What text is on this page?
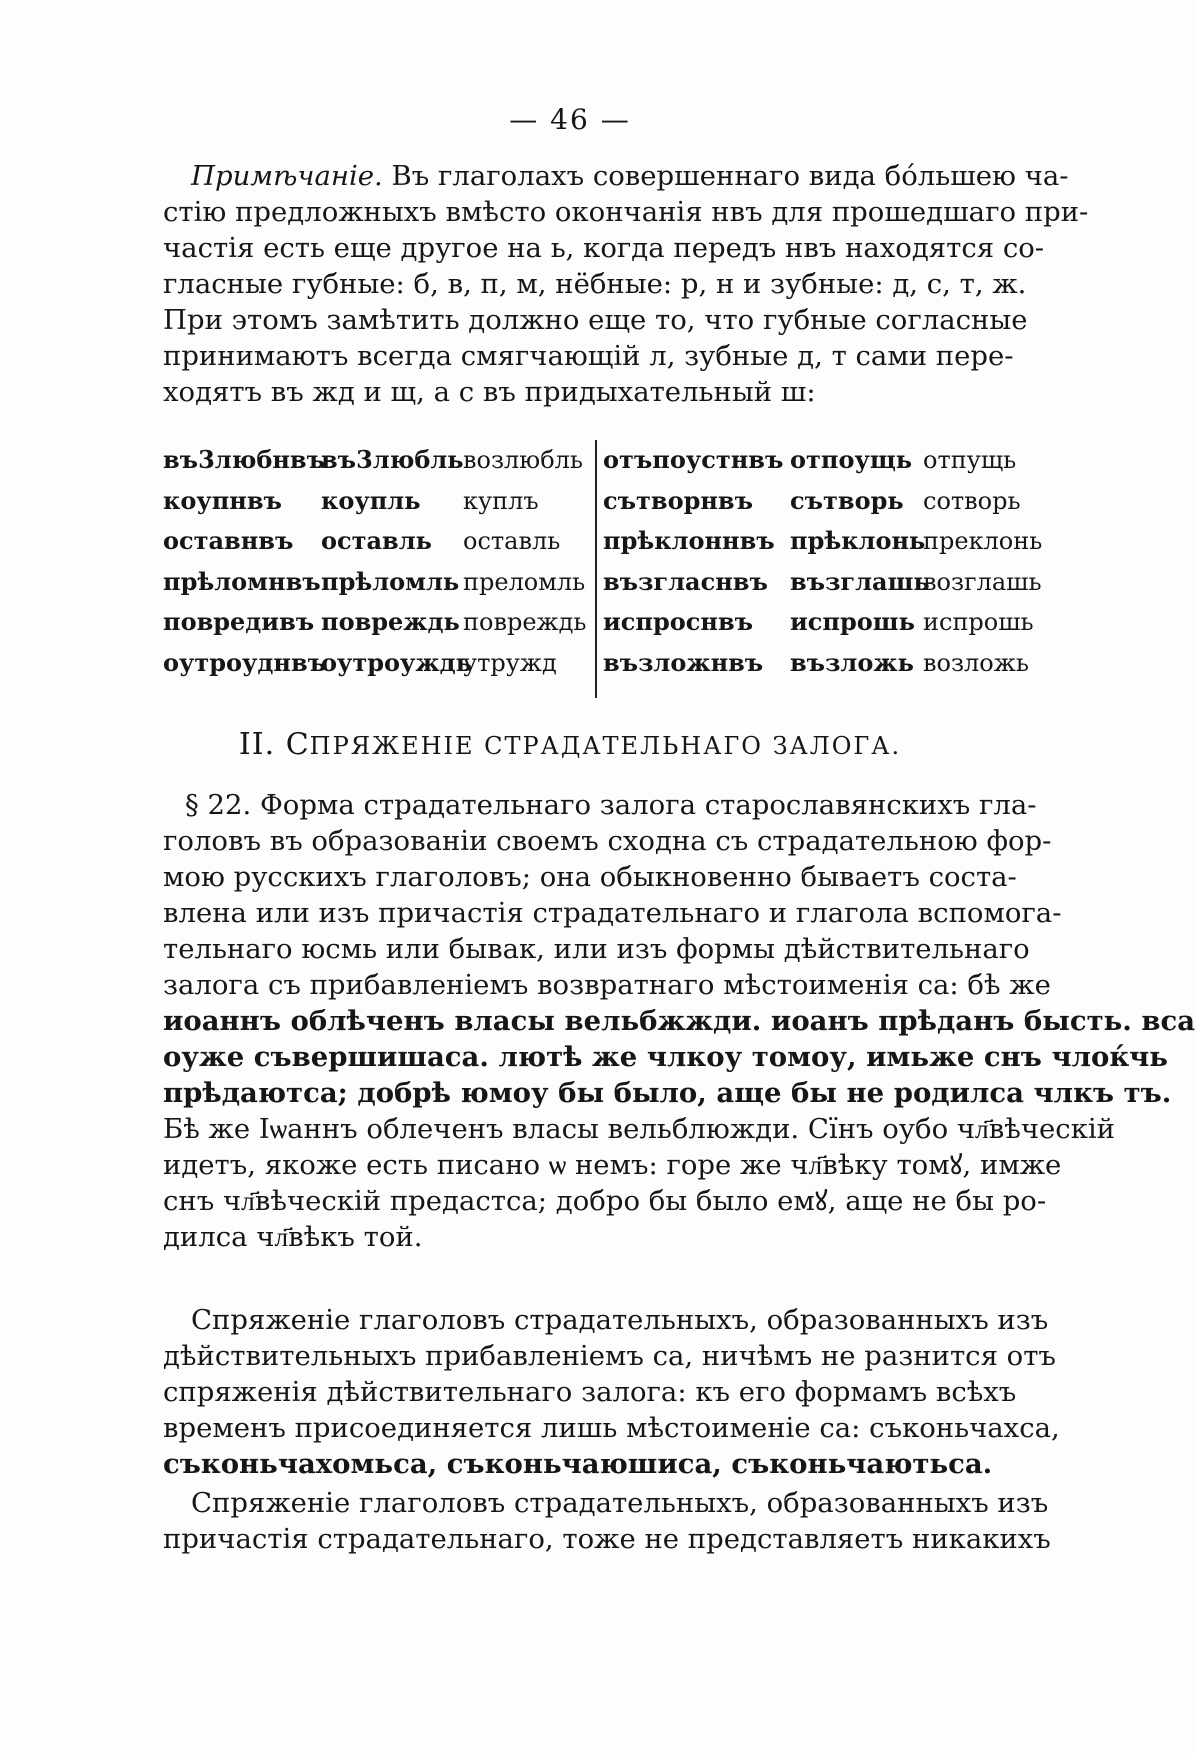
— 46 —
Примѣчаніе. Въ глаголахъ совершеннаго вида бóльшею ча-
стію предложныхъ вмѣсто окончанія нвъ для прошедшаго при-
частія есть еще другое на ь, когда передъ нвъ находятся со-
гласные губные: б, в, п, м, нёбные: р, н и зубные: д, с, т, ж.
При этомъ замѣтить должно еще то, что губные согласные
принимаютъ всегда смягчающій л, зубные д, т сами пере-
ходятъ въ жд и щ, а с въ придыхательный ш:
въ3любнвъ
коупнвъ
оставнвъ
прѣломнвъ
повредивъ
оутроуднвъ
въ3любль
коупль
оставль
прѣломль
повреждь
оутроуждь
возлюбль
куплъ
оставль
преломль
повреждь
утружд
отъпоустнвъ
сътворнвъ
прѣклоннвъ
възгласнвъ
испроснвъ
възложнвъ
отпоущь
сътворь
прѣклонь
възглашь
испрошь
възложь
отпущь
сотворь
преклонь
возглашь
испрошь
возложь
II. СПРЯЖЕНІЕ СТРАДАТЕЛЬНАГО ЗАЛОГА.
§ 22. Форма страдательнаго залога старославянскихъ гла-
головъ въ образованіи своемъ сходна съ страдательною фор-
мою русскихъ глаголовъ; она обыкновенно бываетъ соста-
влена или изъ причастія страдательнаго и глагола вспомога-
тельнаго юсмь или бывак, или изъ формы дѣйствительнаго
залога съ прибавленіемъ возвратнаго мѣстоименія са: бѣ же
иоаннъ облѣченъ власы вельбжжди. иоанъ прѣданъ бысть. вса
оуже съвершишаса. лютѣ же члкоу томоу, имьже снъ члоќчь
прѣдаютса; добрѣ юмоу бы было, аще бы не родилса члкъ тъ.
Бѣ же Іѡаннъ облеченъ власы вельблюжди. Сїнъ оубо чл҃вѣческій
идетъ, якоже есть писано ѡ немъ: горе же чл҃вѣку томꙋ, имже
снъ чл҃вѣческій предастса; добро бы было емꙋ, аще не бы ро-
дилса чл҃вѣкъ той.
Спряженіе глаголовъ страдательныхъ, образованныхъ изъ
дѣйствительныхъ прибавленіемъ са, ничѣмъ не разнится отъ
спряженія дѣйствительнаго залога: къ его формамъ всѣхъ
временъ присоединяется лишь мѣстоименіе са: съконьчахса,
съконьчахомьса, съконьчаюшиса, съконьчаютьса.
Спряженіе глаголовъ страдательныхъ, образованныхъ изъ
причастія страдательнаго, тоже не представляетъ никакихъ
